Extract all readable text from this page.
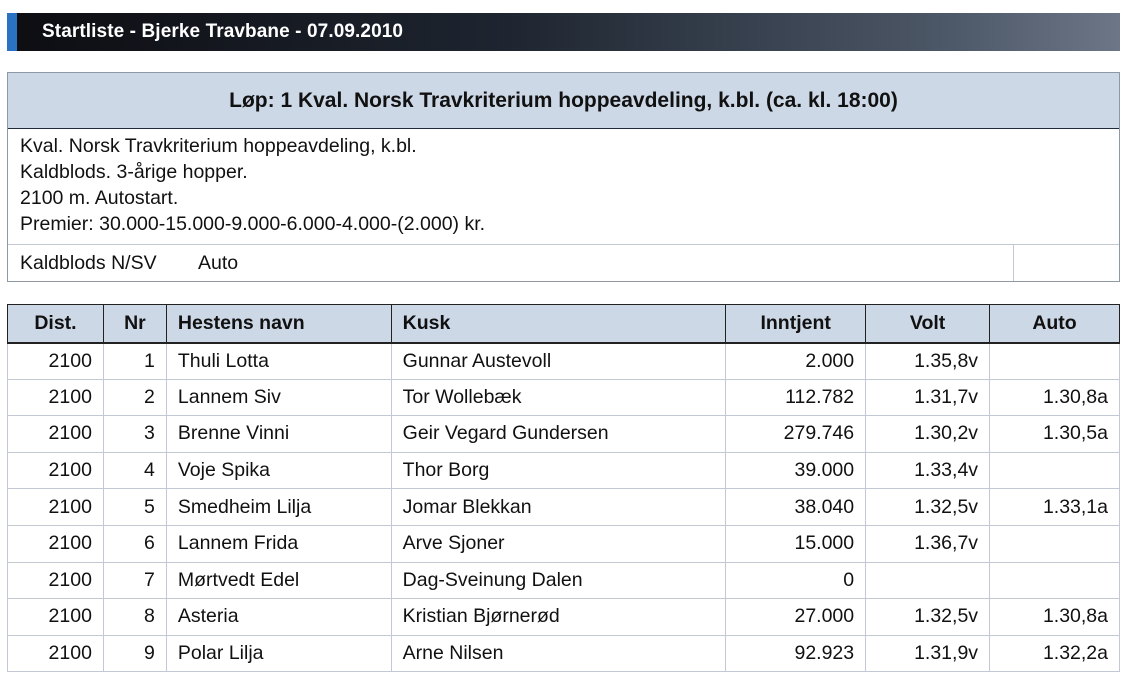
Startliste - Bjerke Travbane - 07.09.2010
Løp: 1 Kval. Norsk Travkriterium hoppeavdeling, k.bl. (ca. kl. 18:00)
Kval. Norsk Travkriterium hoppeavdeling, k.bl.
Kaldblods. 3-årige hopper.
2100 m. Autostart.
Premier: 30.000-15.000-9.000-6.000-4.000-(2.000) kr.
Kaldblods N/SV	Auto
Dist.	Nr	Hestens navn	Kusk	Inntjent	Volt	Auto
2100	1	Thuli Lotta	Gunnar Austevoll	2.000	1.35,8v	
2100	2	Lannem Siv	Tor Wollebæk	112.782	1.31,7v	1.30,8a
2100	3	Brenne Vinni	Geir Vegard Gundersen	279.746	1.30,2v	1.30,5a
2100	4	Voje Spika	Thor Borg	39.000	1.33,4v	
2100	5	Smedheim Lilja	Jomar Blekkan	38.040	1.32,5v	1.33,1a
2100	6	Lannem Frida	Arve Sjoner	15.000	1.36,7v	
2100	7	Mørtvedt Edel	Dag-Sveinung Dalen	0		
2100	8	Asteria	Kristian Bjørnerød	27.000	1.32,5v	1.30,8a
2100	9	Polar Lilja	Arne Nilsen	92.923	1.31,9v	1.32,2a
